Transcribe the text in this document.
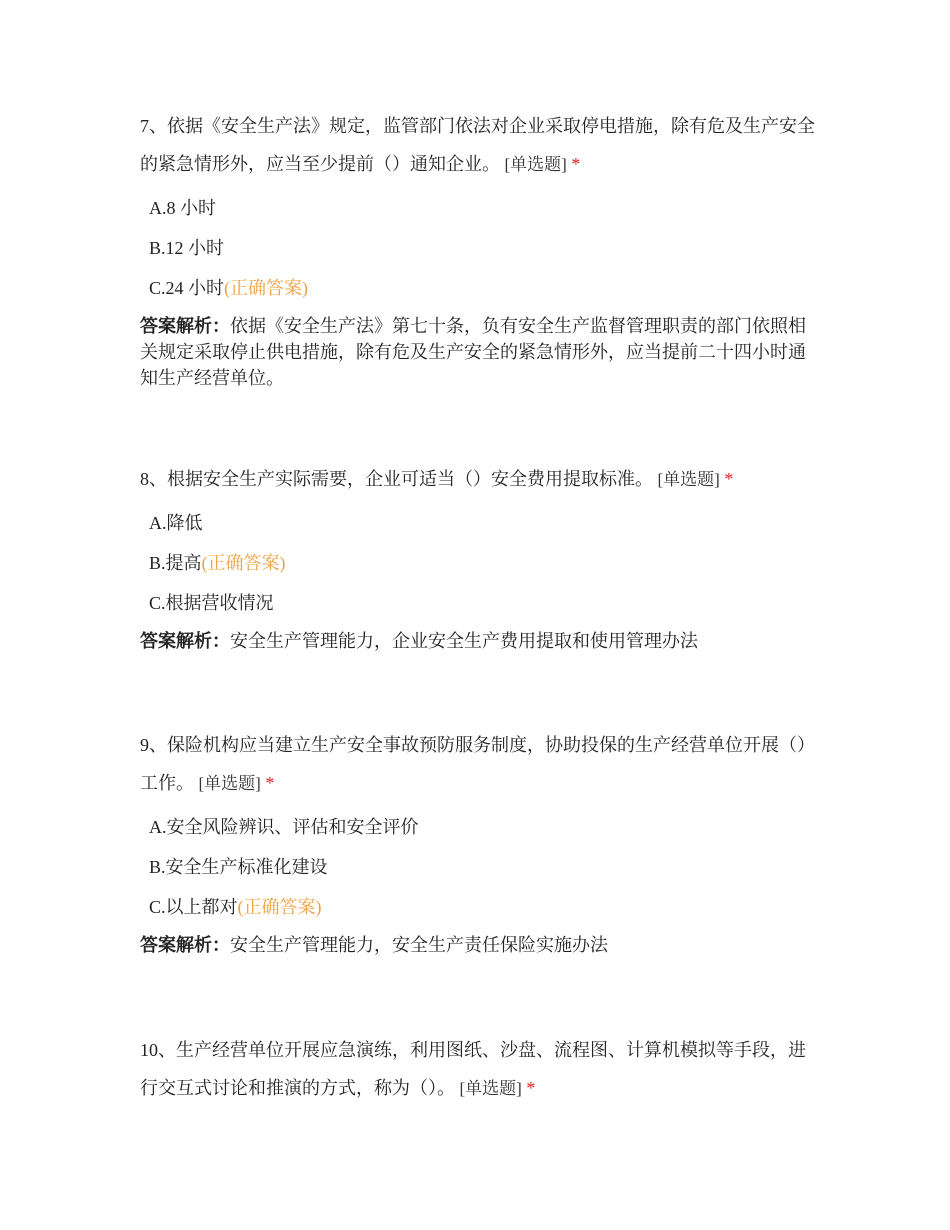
7、依据《安全生产法》规定，监管部门依法对企业采取停电措施，除有危及生产安全的紧急情形外，应当至少提前（）通知企业。 [单选题] *

A.8 小时
B.12 小时
C.24 小时(正确答案)
答案解析：依据《安全生产法》第七十条，负有安全生产监督管理职责的部门依照相关规定采取停止供电措施，除有危及生产安全的紧急情形外，应当提前二十四小时通知生产经营单位。

8、根据安全生产实际需要，企业可适当（）安全费用提取标准。 [单选题] *

A.降低
B.提高(正确答案)
C.根据营收情况
答案解析：安全生产管理能力，企业安全生产费用提取和使用管理办法

9、保险机构应当建立生产安全事故预防服务制度，协助投保的生产经营单位开展（）工作。 [单选题] *

A.安全风险辨识、评估和安全评价
B.安全生产标准化建设
C.以上都对(正确答案)
答案解析：安全生产管理能力，安全生产责任保险实施办法

10、生产经营单位开展应急演练，利用图纸、沙盘、流程图、计算机模拟等手段，进行交互式讨论和推演的方式，称为（）。 [单选题] *
